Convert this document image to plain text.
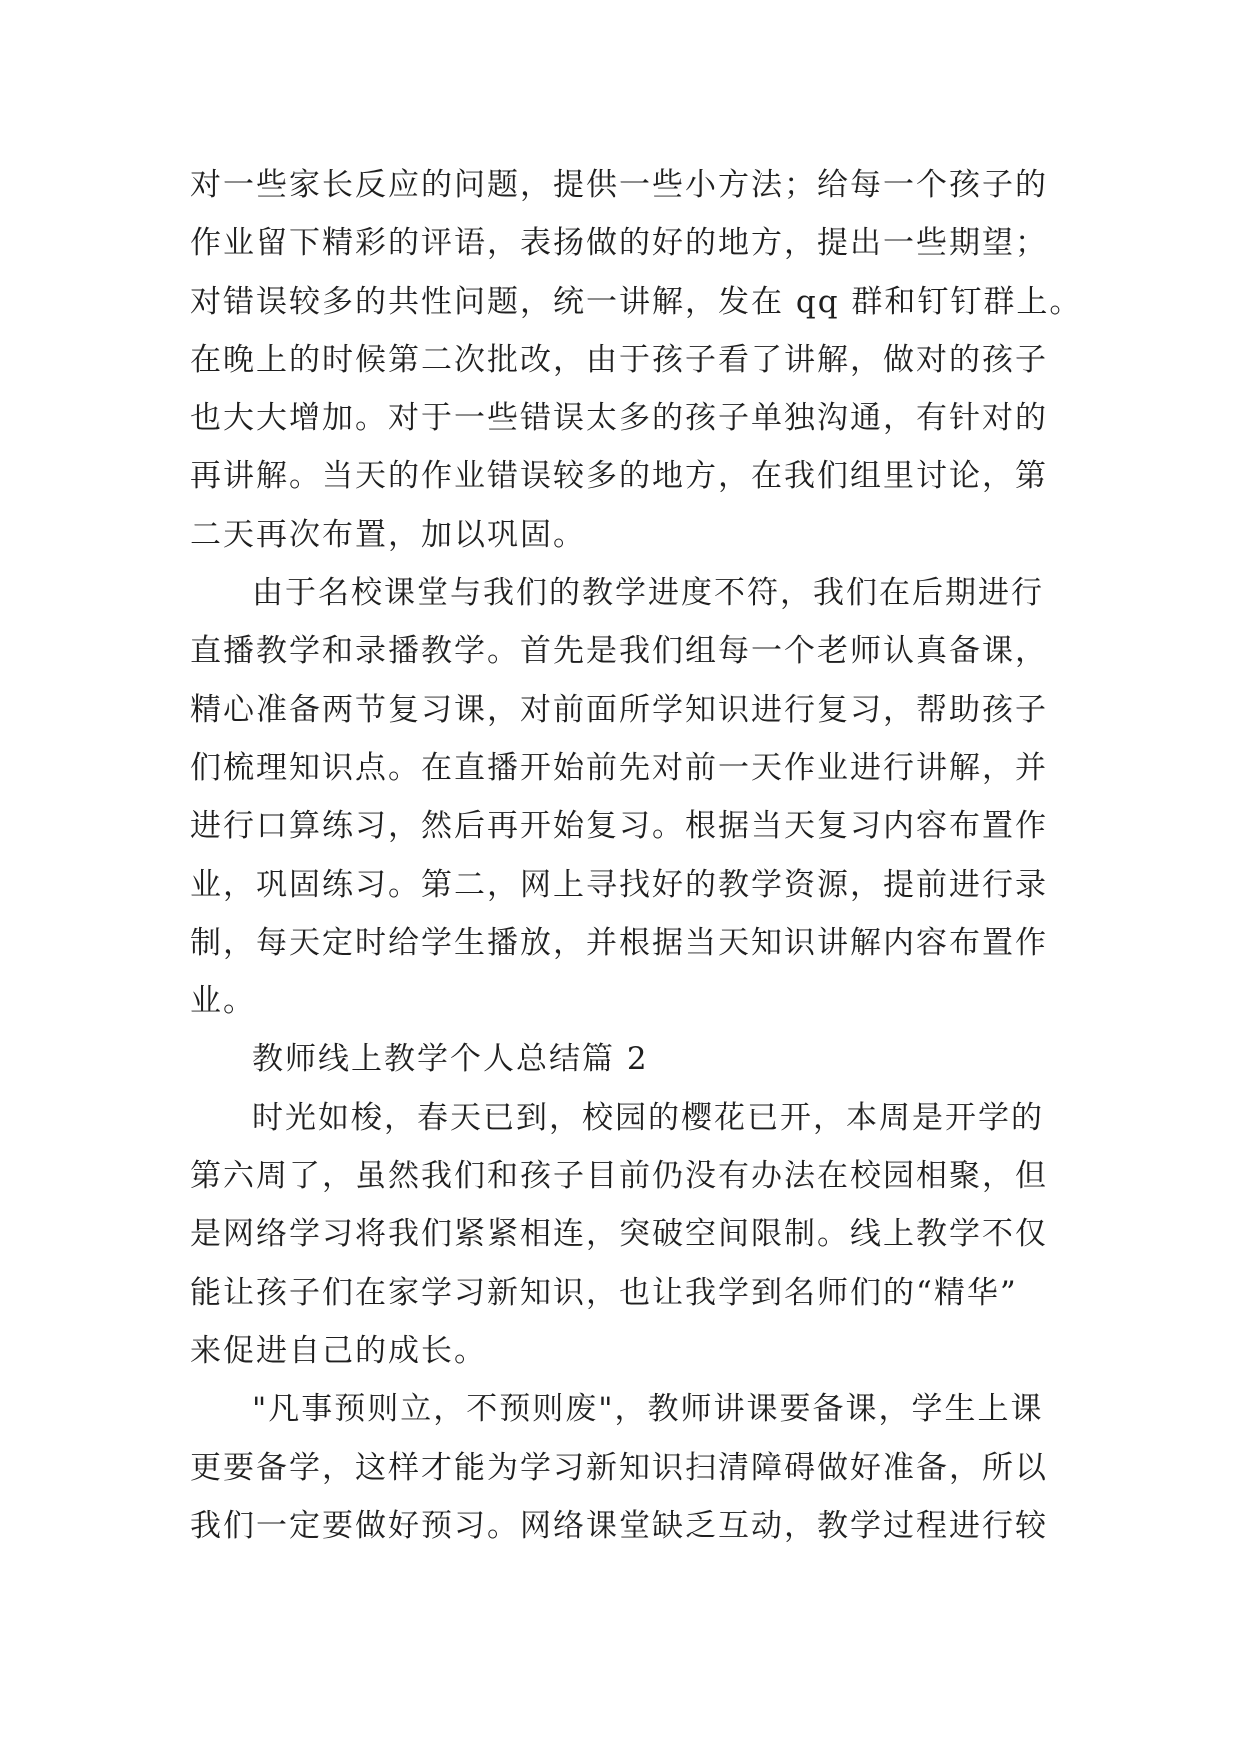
对一些家长反应的问题，提供一些小方法；给每一个孩子的
作业留下精彩的评语，表扬做的好的地方，提出一些期望；
对错误较多的共性问题，统一讲解，发在 qq 群和钉钉群上。
在晚上的时候第二次批改，由于孩子看了讲解，做对的孩子
也大大增加。对于一些错误太多的孩子单独沟通，有针对的
再讲解。当天的作业错误较多的地方，在我们组里讨论，第
二天再次布置，加以巩固。
由于名校课堂与我们的教学进度不符，我们在后期进行
直播教学和录播教学。首先是我们组每一个老师认真备课，
精心准备两节复习课，对前面所学知识进行复习，帮助孩子
们梳理知识点。在直播开始前先对前一天作业进行讲解，并
进行口算练习，然后再开始复习。根据当天复习内容布置作
业，巩固练习。第二，网上寻找好的教学资源，提前进行录
制，每天定时给学生播放，并根据当天知识讲解内容布置作
业。
教师线上教学个人总结篇 2
时光如梭，春天已到，校园的樱花已开，本周是开学的
第六周了，虽然我们和孩子目前仍没有办法在校园相聚，但
是网络学习将我们紧紧相连，突破空间限制。线上教学不仅
能让孩子们在家学习新知识，也让我学到名师们的“精华”
来促进自己的成长。
"凡事预则立，不预则废"，教师讲课要备课，学生上课
更要备学，这样才能为学习新知识扫清障碍做好准备，所以
我们一定要做好预习。网络课堂缺乏互动，教学过程进行较
